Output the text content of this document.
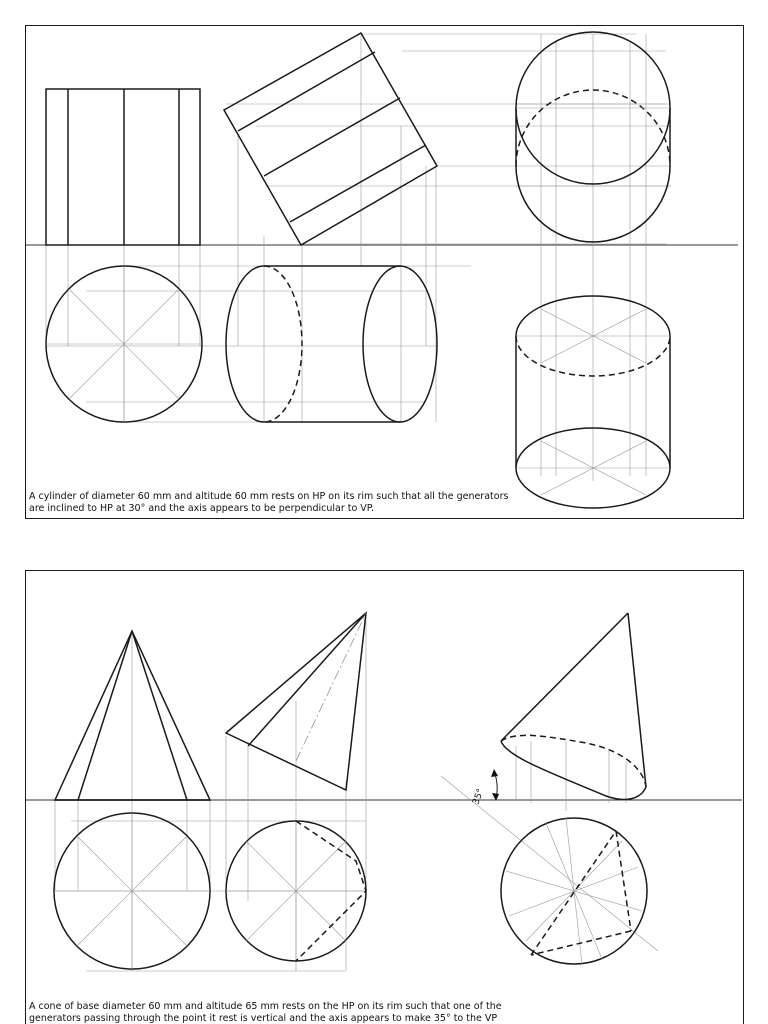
A cylinder of diameter 60 mm and altitude 60 mm rests on HP on its rim such that all the generators
are inclined to HP at 30° and the axis appears to be perpendicular to VP.
35°
A cone of base diameter 60 mm and altitude 65 mm rests on the HP on its rim such that one of the
generators passing through the point it rest is vertical and the axis appears to make 35° to the VP
